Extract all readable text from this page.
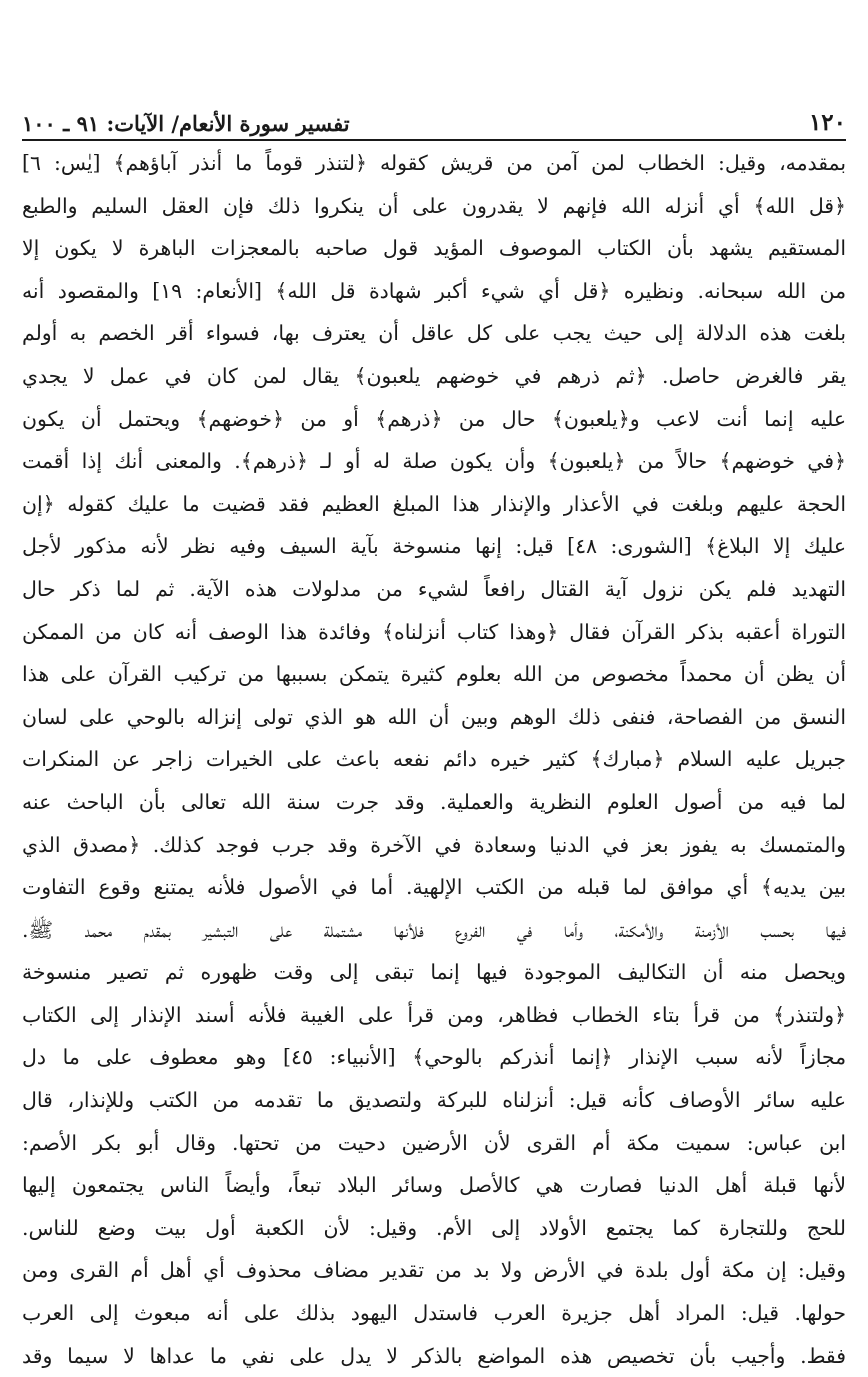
١٢٠
تفسير سورة الأنعام/ الآيات: ٩١ ـ ١٠٠
بمقدمه، وقيل: الخطاب لمن آمن من قريش كقوله ﴿لتنذر قوماً ما أنذر آباؤهم﴾ [يٰس: ٦]
﴿قل الله﴾ أي أنزله الله فإنهم لا يقدرون على أن ينكروا ذلك فإن العقل السليم والطبع
المستقيم يشهد بأن الكتاب الموصوف المؤيد قول صاحبه بالمعجزات الباهرة لا يكون إلا
من الله سبحانه. ونظيره ﴿قل أي شيء أكبر شهادة قل الله﴾ [الأنعام: ١٩] والمقصود أنه
بلغت هذه الدلالة إلى حيث يجب على كل عاقل أن يعترف بها، فسواء أقر الخصم به أولم
يقر فالغرض حاصل. ﴿ثم ذرهم في خوضهم يلعبون﴾ يقال لمن كان في عمل لا يجدي
عليه إنما أنت لاعب و﴿يلعبون﴾ حال من ﴿ذرهم﴾ أو من ﴿خوضهم﴾ ويحتمل أن يكون
﴿في خوضهم﴾ حالاً من ﴿يلعبون﴾ وأن يكون صلة له أو لـ ﴿ذرهم﴾. والمعنى أنك إذا أقمت
الحجة عليهم وبلغت في الأعذار والإنذار هذا المبلغ العظيم فقد قضيت ما عليك كقوله ﴿إن
عليك إلا البلاغ﴾ [الشورى: ٤٨] قيل: إنها منسوخة بآية السيف وفيه نظر لأنه مذكور لأجل
التهديد فلم يكن نزول آية القتال رافعاً لشيء من مدلولات هذه الآية. ثم لما ذكر حال
التوراة أعقبه بذكر القرآن فقال ﴿وهذا كتاب أنزلناه﴾ وفائدة هذا الوصف أنه كان من الممكن
أن يظن أن محمداً مخصوص من الله بعلوم كثيرة يتمكن بسببها من تركيب القرآن على هذا
النسق من الفصاحة، فنفى ذلك الوهم وبين أن الله هو الذي تولى إنزاله بالوحي على لسان
جبريل عليه السلام ﴿مبارك﴾ كثير خيره دائم نفعه باعث على الخيرات زاجر عن المنكرات
لما فيه من أصول العلوم النظرية والعملية. وقد جرت سنة الله تعالى بأن الباحث عنه
والمتمسك به يفوز بعز في الدنيا وسعادة في الآخرة وقد جرب فوجد كذلك. ﴿مصدق الذي
بين يديه﴾ أي موافق لما قبله من الكتب الإلهية. أما في الأصول فلأنه يمتنع وقوع التفاوت
فيها بحسب الأزمنة والأمكنة، وأما في الفروع فلأنها مشتملة على التبشير بمقدم محمد ﷺ.
ويحصل منه أن التكاليف الموجودة فيها إنما تبقى إلى وقت ظهوره ثم تصير منسوخة
﴿ولتنذر﴾ من قرأ بتاء الخطاب فظاهر، ومن قرأ على الغيبة فلأنه أسند الإنذار إلى الكتاب
مجازاً لأنه سبب الإنذار ﴿إنما أنذركم بالوحي﴾ [الأنبياء: ٤٥] وهو معطوف على ما دل
عليه سائر الأوصاف كأنه قيل: أنزلناه للبركة ولتصديق ما تقدمه من الكتب وللإنذار، قال
ابن عباس: سميت مكة أم القرى لأن الأرضين دحيت من تحتها. وقال أبو بكر الأصم:
لأنها قبلة أهل الدنيا فصارت هي كالأصل وسائر البلاد تبعاً، وأيضاً الناس يجتمعون إليها
للحج وللتجارة كما يجتمع الأولاد إلى الأم. وقيل: لأن الكعبة أول بيت وضع للناس.
وقيل: إن مكة أول بلدة في الأرض ولا بد من تقدير مضاف محذوف أي أهل أم القرى ومن
حولها. قيل: المراد أهل جزيرة العرب فاستدل اليهود بذلك على أنه مبعوث إلى العرب
فقط. وأجيب بأن تخصيص هذه المواضع بالذكر لا يدل على نفي ما عداها لا سيما وقد
